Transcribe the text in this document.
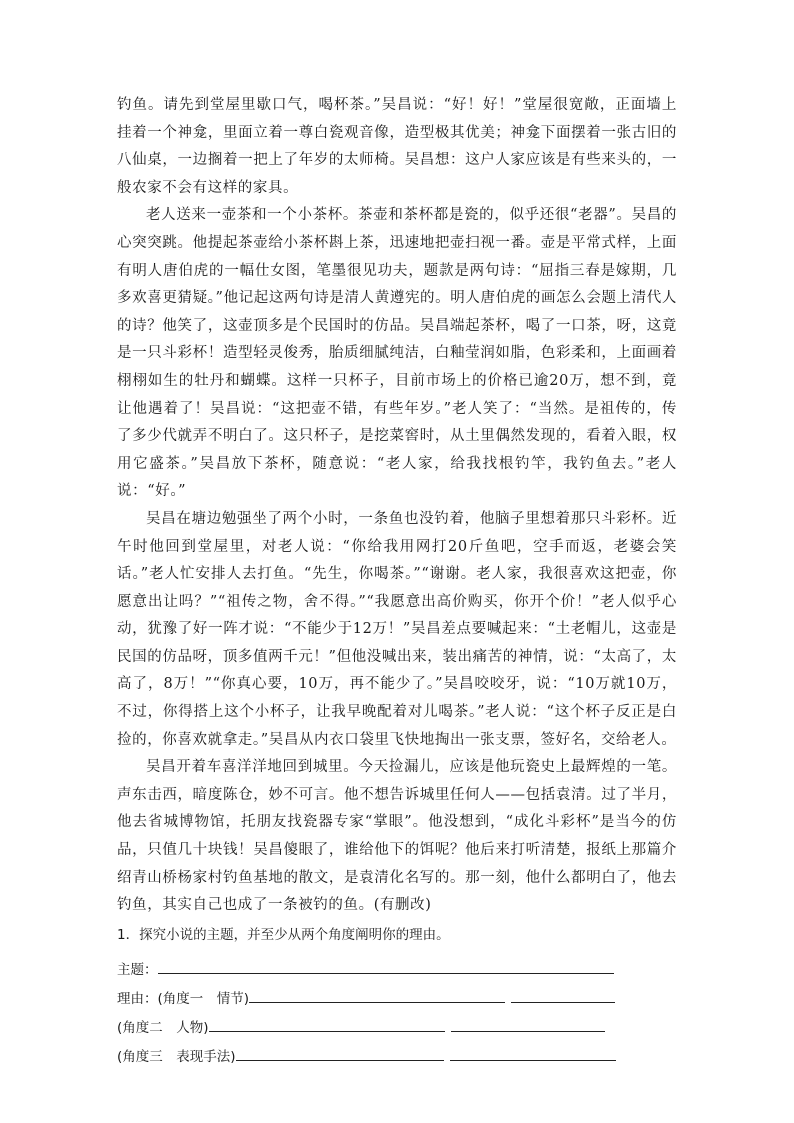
钓鱼。请先到堂屋里歇口气，喝杯茶。”吴昌说：“好！好！”堂屋很宽敞，正面墙上挂着一个神龛，里面立着一尊白瓷观音像，造型极其优美；神龛下面摆着一张古旧的八仙桌，一边搁着一把上了年岁的太师椅。吴昌想：这户人家应该是有些来头的，一般农家不会有这样的家具。

老人送来一壶茶和一个小茶杯。茶壶和茶杯都是瓷的，似乎还很“老器”。吴昌的心突突跳。他提起茶壶给小茶杯斟上茶，迅速地把壶扫视一番。壶是平常式样，上面有明人唐伯虎的一幅仕女图，笔墨很见功夫，题款是两句诗：“屈指三春是嫁期，几多欢喜更猜疑。”他记起这两句诗是清人黄遵宪的。明人唐伯虎的画怎么会题上清代人的诗？他笑了，这壶顶多是个民国时的仿品。吴昌端起茶杯，喝了一口茶，呀，这竟是一只斗彩杯！造型轻灵俊秀，胎质细腻纯洁，白釉莹润如脂，色彩柔和，上面画着栩栩如生的牡丹和蝴蝶。这样一只杯子，目前市场上的价格已逾20万，想不到，竟让他遇着了！吴昌说：“这把壶不错，有些年岁。”老人笑了：“当然。是祖传的，传了多少代就弄不明白了。这只杯子，是挖菜窖时，从土里偶然发现的，看着入眼，权用它盛茶。”吴昌放下茶杯，随意说：“老人家，给我找根钓竿，我钓鱼去。”老人说：“好。”

吴昌在塘边勉强坐了两个小时，一条鱼也没钓着，他脑子里想着那只斗彩杯。近午时他回到堂屋里，对老人说：“你给我用网打20斤鱼吧，空手而返，老婆会笑话。”老人忙安排人去打鱼。“先生，你喝茶。”“谢谢。老人家，我很喜欢这把壶，你愿意出让吗？”“祖传之物，舍不得。”“我愿意出高价购买，你开个价！”老人似乎心动，犹豫了好一阵才说：“不能少于12万！”吴昌差点要喊起来：“土老帽儿，这壶是民国的仿品呀，顶多值两千元！”但他没喊出来，装出痛苦的神情，说：“太高了，太高了，8万！”“你真心要，10万，再不能少了。”吴昌咬咬牙，说：“10万就10万，不过，你得搭上这个小杯子，让我早晚配着对儿喝茶。”老人说：“这个杯子反正是白捡的，你喜欢就拿走。”吴昌从内衣口袋里飞快地掏出一张支票，签好名，交给老人。

吴昌开着车喜洋洋地回到城里。今天捡漏儿，应该是他玩瓷史上最辉煌的一笔。声东击西，暗度陈仓，妙不可言。他不想告诉城里任何人——包括袁清。过了半月，他去省城博物馆，托朋友找瓷器专家“掌眼”。他没想到，“成化斗彩杯”是当今的仿品，只值几十块钱！吴昌傻眼了，谁给他下的饵呢？他后来打听清楚，报纸上那篇介绍青山桥杨家村钓鱼基地的散文，是袁清化名写的。那一刻，他什么都明白了，他去钓鱼，其实自己也成了一条被钓的鱼。(有删改)

1．探究小说的主题，并至少从两个角度阐明你的理由。
主题：
理由：(角度一　情节)
(角度二　人物)
(角度三　表现手法)
